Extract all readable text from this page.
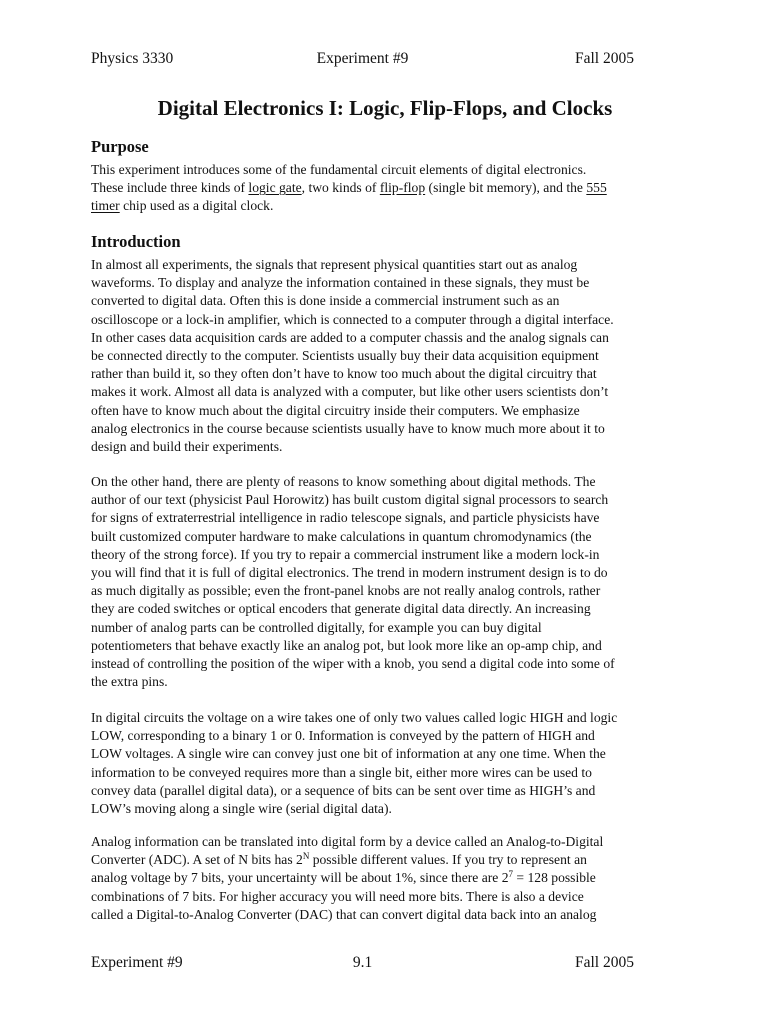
Physics 3330	Experiment #9	Fall 2005
Digital Electronics I: Logic, Flip-Flops, and Clocks
Purpose
This experiment introduces some of the fundamental circuit elements of digital electronics.
These include three kinds of logic gate, two kinds of flip-flop (single bit memory), and the 555
timer chip used as a digital clock.
Introduction
In almost all experiments, the signals that represent physical quantities start out as analog
waveforms. To display and analyze the information contained in these signals, they must be
converted to digital data. Often this is done inside a commercial instrument such as an
oscilloscope or a lock-in amplifier, which is connected to a computer through a digital interface.
In other cases data acquisition cards are added to a computer chassis and the analog signals can
be connected directly to the computer. Scientists usually buy their data acquisition equipment
rather than build it, so they often don’t have to know too much about the digital circuitry that
makes it work. Almost all data is analyzed with a computer, but like other users scientists don’t
often have to know much about the digital circuitry inside their computers. We emphasize
analog electronics in the course because scientists usually have to know much more about it to
design and build their experiments.
On the other hand, there are plenty of reasons to know something about digital methods. The
author of our text (physicist Paul Horowitz) has built custom digital signal processors to search
for signs of extraterrestrial intelligence in radio telescope signals, and particle physicists have
built customized computer hardware to make calculations in quantum chromodynamics (the
theory of the strong force). If you try to repair a commercial instrument like a modern lock-in
you will find that it is full of digital electronics. The trend in modern instrument design is to do
as much digitally as possible; even the front-panel knobs are not really analog controls, rather
they are coded switches or optical encoders that generate digital data directly. An increasing
number of analog parts can be controlled digitally, for example you can buy digital
potentiometers that behave exactly like an analog pot, but look more like an op-amp chip, and
instead of controlling the position of the wiper with a knob, you send a digital code into some of
the extra pins.
In digital circuits the voltage on a wire takes one of only two values called logic HIGH and logic
LOW, corresponding to a binary 1 or 0. Information is conveyed by the pattern of HIGH and
LOW voltages. A single wire can convey just one bit of information at any one time. When the
information to be conveyed requires more than a single bit, either more wires can be used to
convey data (parallel digital data), or a sequence of bits can be sent over time as HIGH’s and
LOW’s moving along a single wire (serial digital data).
Analog information can be translated into digital form by a device called an Analog-to-Digital
Converter (ADC). A set of N bits has $2^N$ possible different values. If you try to represent an
analog voltage by 7 bits, your uncertainty will be about 1%, since there are $2^7 = 128$ possible
combinations of 7 bits. For higher accuracy you will need more bits. There is also a device
called a Digital-to-Analog Converter (DAC) that can convert digital data back into an analog
Experiment #9	9.1	Fall 2005
